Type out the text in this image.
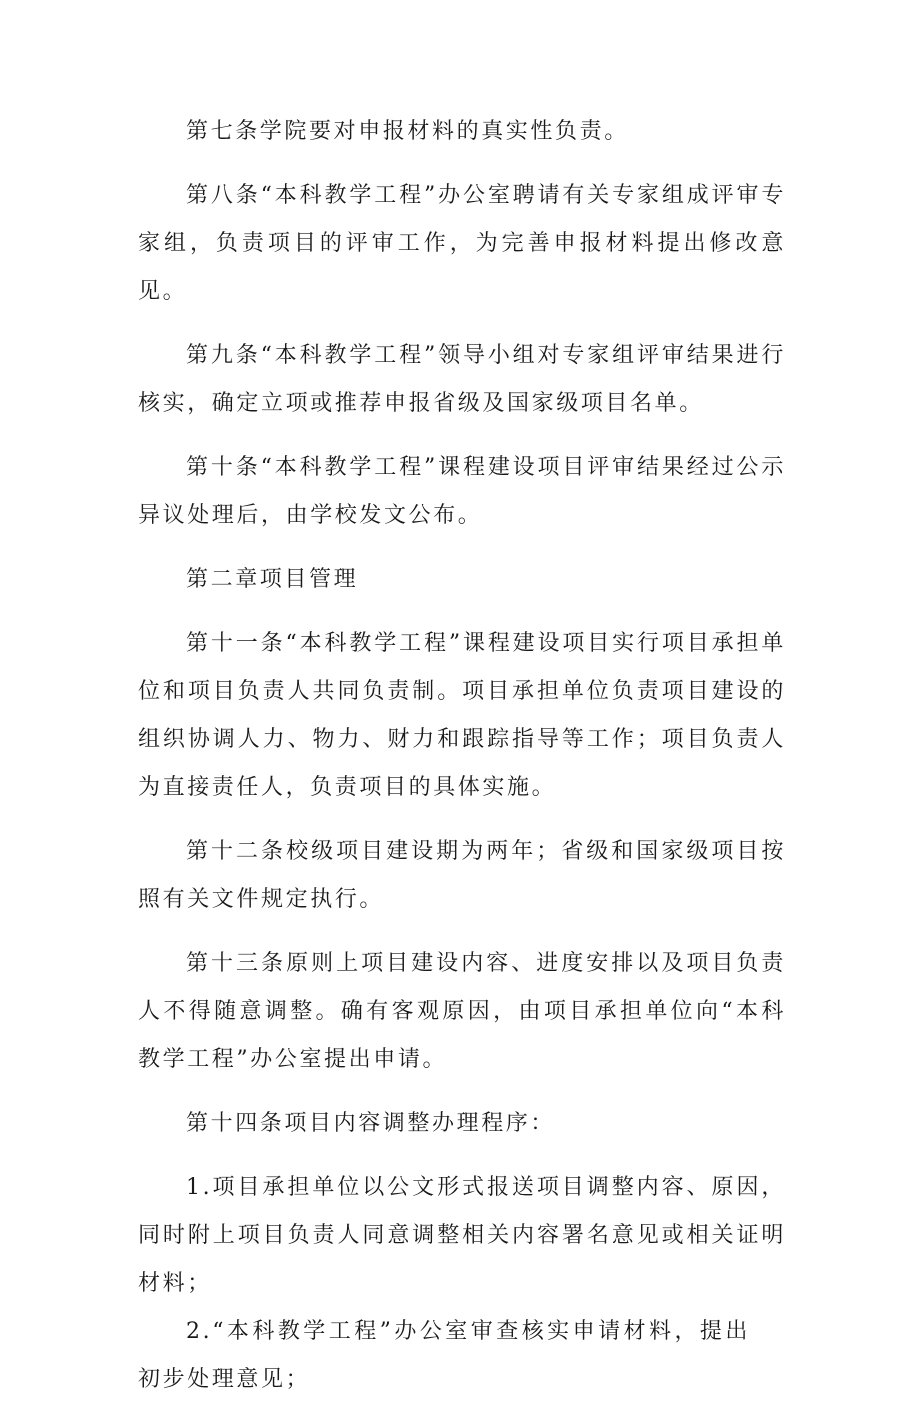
第七条学院要对申报材料的真实性负责。

第八条“本科教学工程”办公室聘请有关专家组成评审专家组，负责项目的评审工作，为完善申报材料提出修改意见。

第九条“本科教学工程”领导小组对专家组评审结果进行核实，确定立项或推荐申报省级及国家级项目名单。

第十条“本科教学工程”课程建设项目评审结果经过公示异议处理后，由学校发文公布。

第二章项目管理

第十一条“本科教学工程”课程建设项目实行项目承担单位和项目负责人共同负责制。项目承担单位负责项目建设的组织协调人力、物力、财力和跟踪指导等工作；项目负责人为直接责任人，负责项目的具体实施。

第十二条校级项目建设期为两年；省级和国家级项目按照有关文件规定执行。

第十三条原则上项目建设内容、进度安排以及项目负责人不得随意调整。确有客观原因，由项目承担单位向“本科教学工程”办公室提出申请。

第十四条项目内容调整办理程序：

1.项目承担单位以公文形式报送项目调整内容、原因，同时附上项目负责人同意调整相关内容署名意见或相关证明材料；

2.“本科教学工程”办公室审查核实申请材料，提出初步处理意见；
